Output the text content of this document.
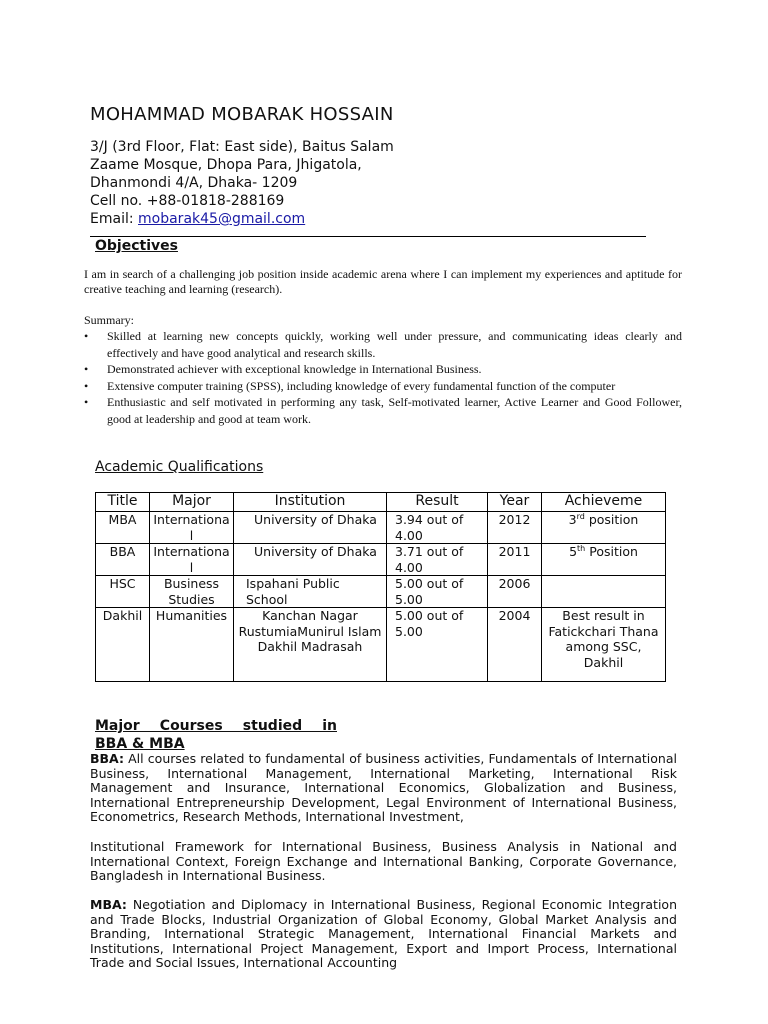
MOHAMMAD MOBARAK HOSSAIN
3/J (3rd Floor, Flat: East side), Baitus Salam
Zaame Mosque, Dhopa Para, Jhigatola,
Dhanmondi 4/A, Dhaka- 1209
Cell no. +88-01818-288169
Email: mobarak45@gmail.com
Objectives
I am in search of a challenging job position inside academic arena where I can implement my experiences and aptitude for creative teaching and learning (research).
Summary:
• Skilled at learning new concepts quickly, working well under pressure, and communicating ideas clearly and effectively and have good analytical and research skills.
• Demonstrated achiever with exceptional knowledge in International Business.
• Extensive computer training (SPSS), including knowledge of every fundamental function of the computer
• Enthusiastic and self motivated in performing any task, Self-motivated learner, Active Learner and Good Follower, good at leadership and good at team work.
Academic Qualifications
Title	Major	Institution	Result	Year	Achieveme
MBA	International	University of Dhaka	3.94 out of 4.00	2012	3rd position
BBA	International	University of Dhaka	3.71 out of 4.00	2011	5th Position
HSC	Business Studies	Ispahani Public School	5.00 out of 5.00	2006	
Dakhil	Humanities	Kanchan Nagar RustumiaMunirul Islam Dakhil Madrasah	5.00 out of 5.00	2004	Best result in Fatickchari Thana among SSC, Dakhil
Major Courses studied in
BBA & MBA
BBA: All courses related to fundamental of business activities, Fundamentals of International Business, International Management, International Marketing, International Risk Management and Insurance, International Economics, Globalization and Business, International Entrepreneurship Development, Legal Environment of International Business, Econometrics, Research Methods, International Investment,
Institutional Framework for International Business, Business Analysis in National and International Context, Foreign Exchange and International Banking, Corporate Governance, Bangladesh in International Business.
MBA: Negotiation and Diplomacy in International Business, Regional Economic Integration and Trade Blocks, Industrial Organization of Global Economy, Global Market Analysis and Branding, International Strategic Management, International Financial Markets and Institutions, International Project Management, Export and Import Process, International Trade and Social Issues, International Accounting
